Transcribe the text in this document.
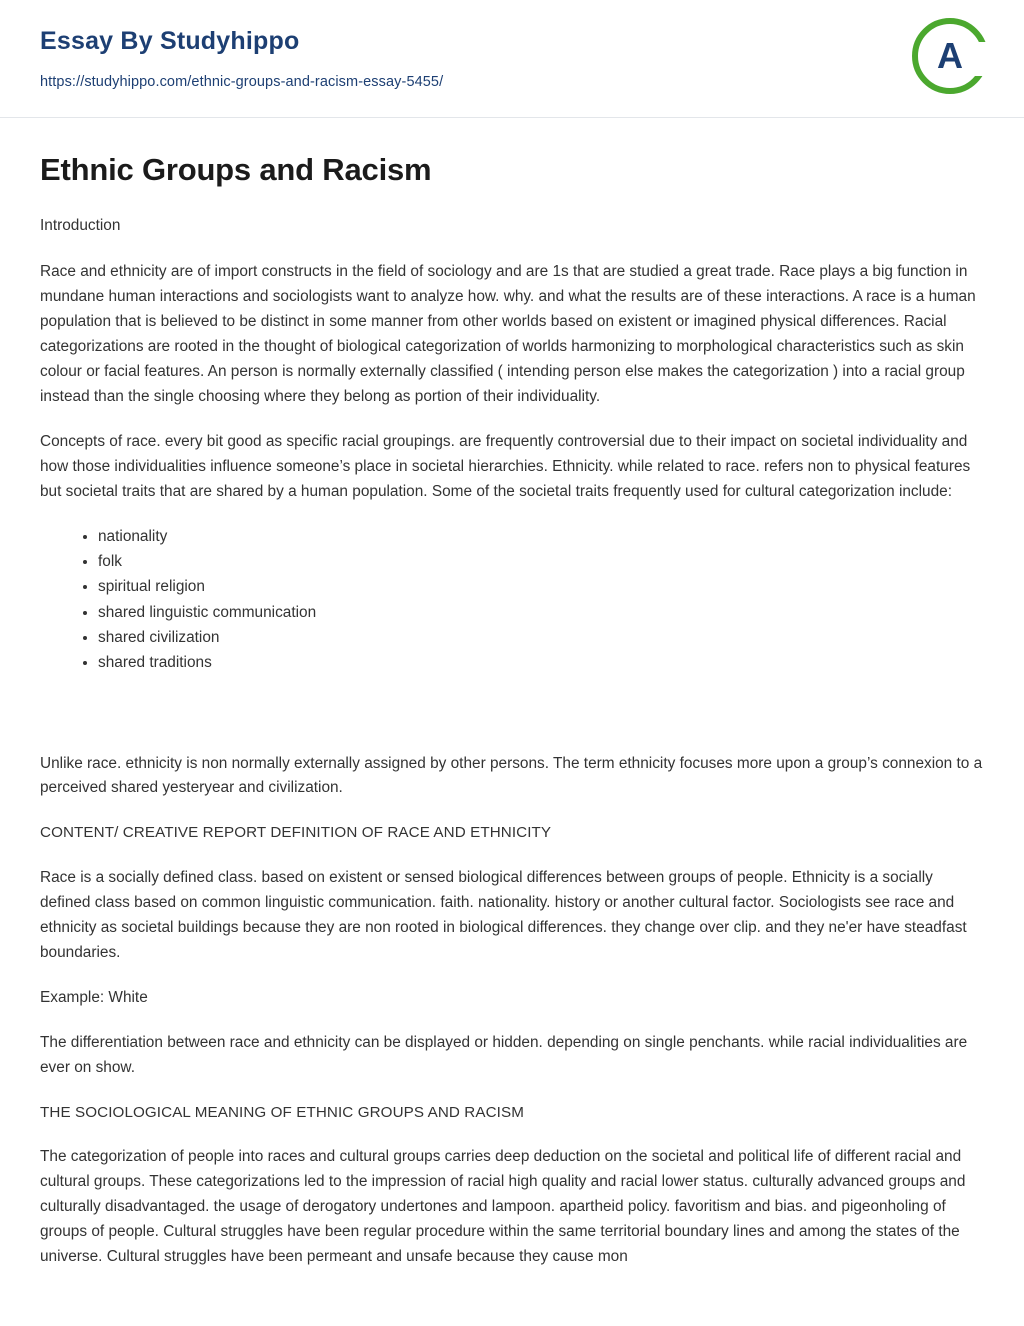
Essay By Studyhippo
https://studyhippo.com/ethnic-groups-and-racism-essay-5455/
A
Ethnic Groups and Racism

Introduction

Race and ethnicity are of import constructs in the field of sociology and are 1s that are studied a great trade. Race plays a big function in mundane human interactions and sociologists want to analyze how. why. and what the results are of these interactions. A race is a human population that is believed to be distinct in some manner from other worlds based on existent or imagined physical differences. Racial categorizations are rooted in the thought of biological categorization of worlds harmonizing to morphological characteristics such as skin colour or facial features. An person is normally externally classified ( intending person else makes the categorization ) into a racial group instead than the single choosing where they belong as portion of their individuality.

Concepts of race. every bit good as specific racial groupings. are frequently controversial due to their impact on societal individuality and how those individualities influence someone’s place in societal hierarchies. Ethnicity. while related to race. refers non to physical features but societal traits that are shared by a human population. Some of the societal traits frequently used for cultural categorization include:

• nationality
• folk
• spiritual religion
• shared linguistic communication
• shared civilization
• shared traditions

Unlike race. ethnicity is non normally externally assigned by other persons. The term ethnicity focuses more upon a group’s connexion to a perceived shared yesteryear and civilization.

CONTENT/ CREATIVE REPORT DEFINITION OF RACE AND ETHNICITY

Race is a socially defined class. based on existent or sensed biological differences between groups of people. Ethnicity is a socially defined class based on common linguistic communication. faith. nationality. history or another cultural factor. Sociologists see race and ethnicity as societal buildings because they are non rooted in biological differences. they change over clip. and they ne'er have steadfast boundaries.

Example: White

The differentiation between race and ethnicity can be displayed or hidden. depending on single penchants. while racial individualities are ever on show.

THE SOCIOLOGICAL MEANING OF ETHNIC GROUPS AND RACISM

The categorization of people into races and cultural groups carries deep deduction on the societal and political life of different racial and cultural groups. These categorizations led to the impression of racial high quality and racial lower status. culturally advanced groups and culturally disadvantaged. the usage of derogatory undertones and lampoon. apartheid policy. favoritism and bias. and pigeonholing of groups of people. Cultural struggles have been regular procedure within the same territorial boundary lines and among the states of the universe. Cultural struggles have been permeant and unsafe because they cause mon
